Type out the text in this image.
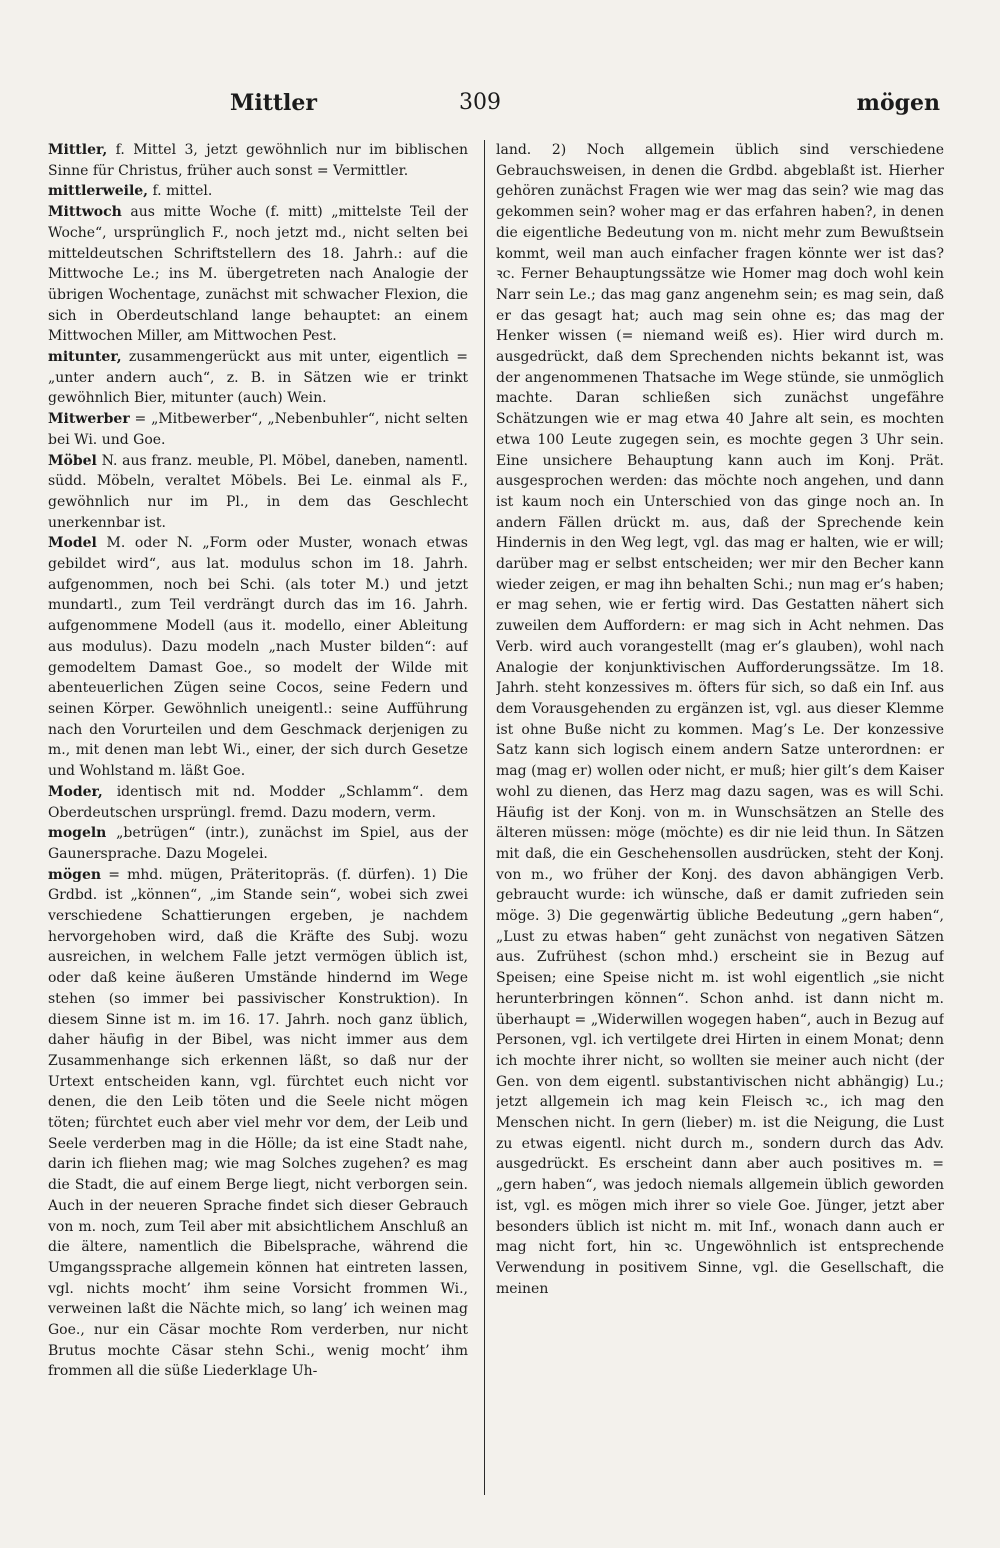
Mittler	309	mögen

Mittler, f. Mittel 3, jetzt gewöhnlich nur im biblischen Sinne für Christus, früher auch sonst = Vermittler.

mittlerweile, f. mittel.

Mittwoch aus mitte Woche (f. mitt) „mittelste Teil der Woche“, ursprünglich F., noch jetzt md., nicht selten bei mitteldeutschen Schriftstellern des 18. Jahrh.: auf die Mittwoche Le.; ins M. übergetreten nach Analogie der übrigen Wochentage, zunächst mit schwacher Flexion, die sich in Oberdeutschland lange behauptet: an einem Mittwochen Miller, am Mittwochen Pest.

mitunter, zusammengerückt aus mit unter, eigentlich = „unter andern auch“, z. B. in Sätzen wie er trinkt gewöhnlich Bier, mitunter (auch) Wein.

Mitwerber = „Mitbewerber“, „Nebenbuhler“, nicht selten bei Wi. und Goe.

Möbel N. aus franz. meuble, Pl. Möbel, daneben, namentl. südd. Möbeln, veraltet Möbels. Bei Le. einmal als F., gewöhnlich nur im Pl., in dem das Geschlecht unerkennbar ist.

Model M. oder N. „Form oder Muster, wonach etwas gebildet wird“, aus lat. modulus schon im 18. Jahrh. aufgenommen, noch bei Schi. (als toter M.) und jetzt mundartl., zum Teil verdrängt durch das im 16. Jahrh. aufgenommene Modell (aus it. modello, einer Ableitung aus modulus). Dazu modeln „nach Muster bilden“: auf gemodeltem Damast Goe., so modelt der Wilde mit abenteuerlichen Zügen seine Cocos, seine Federn und seinen Körper. Gewöhnlich uneigentl.: seine Aufführung nach den Vorurteilen und dem Geschmack derjenigen zu m., mit denen man lebt Wi., einer, der sich durch Gesetze und Wohlstand m. läßt Goe.

Moder, identisch mit nd. Modder „Schlamm“. dem Oberdeutschen ursprüngl. fremd. Dazu modern, verm.

mogeln „betrügen“ (intr.), zunächst im Spiel, aus der Gaunersprache. Dazu Mogelei.

mögen = mhd. mügen, Präteritopräs. (f. dürfen). 1) Die Grdbd. ist „können“, „im Stande sein“, wobei sich zwei verschiedene Schattierungen ergeben, je nachdem hervorgehoben wird, daß die Kräfte des Subj. wozu ausreichen, in welchem Falle jetzt vermögen üblich ist, oder daß keine äußeren Umstände hindernd im Wege stehen (so immer bei passivischer Konstruktion). In diesem Sinne ist m. im 16. 17. Jahrh. noch ganz üblich, daher häufig in der Bibel, was nicht immer aus dem Zusammenhange sich erkennen läßt, so daß nur der Urtext entscheiden kann, vgl. fürchtet euch nicht vor denen, die den Leib töten und die Seele nicht mögen töten; fürchtet euch aber viel mehr vor dem, der Leib und Seele verderben mag in die Hölle; da ist eine Stadt nahe, darin ich fliehen mag; wie mag Solches zugehen? es mag die Stadt, die auf einem Berge liegt, nicht verborgen sein. Auch in der neueren Sprache findet sich dieser Gebrauch von m. noch, zum Teil aber mit absichtlichem Anschluß an die ältere, namentlich die Bibelsprache, während die Umgangssprache allgemein können hat eintreten lassen, vgl. nichts mocht’ ihm seine Vorsicht frommen Wi., verweinen laßt die Nächte mich, so lang’ ich weinen mag Goe., nur ein Cäsar mochte Rom verderben, nur nicht Brutus mochte Cäsar stehn Schi., wenig mocht’ ihm frommen all die süße Liederklage Uh-

land. 2) Noch allgemein üblich sind verschiedene Gebrauchsweisen, in denen die Grdbd. abgeblaßt ist. Hierher gehören zunächst Fragen wie wer mag das sein? wie mag das gekommen sein? woher mag er das erfahren haben?, in denen die eigentliche Bedeutung von m. nicht mehr zum Bewußtsein kommt, weil man auch einfacher fragen könnte wer ist das? ꝛc. Ferner Behauptungssätze wie Homer mag doch wohl kein Narr sein Le.; das mag ganz angenehm sein; es mag sein, daß er das gesagt hat; auch mag sein ohne es; das mag der Henker wissen (= niemand weiß es). Hier wird durch m. ausgedrückt, daß dem Sprechenden nichts bekannt ist, was der angenommenen Thatsache im Wege stünde, sie unmöglich machte. Daran schließen sich zunächst ungefähre Schätzungen wie er mag etwa 40 Jahre alt sein, es mochten etwa 100 Leute zugegen sein, es mochte gegen 3 Uhr sein. Eine unsichere Behauptung kann auch im Konj. Prät. ausgesprochen werden: das möchte noch angehen, und dann ist kaum noch ein Unterschied von das ginge noch an. In andern Fällen drückt m. aus, daß der Sprechende kein Hindernis in den Weg legt, vgl. das mag er halten, wie er will; darüber mag er selbst entscheiden; wer mir den Becher kann wieder zeigen, er mag ihn behalten Schi.; nun mag er’s haben; er mag sehen, wie er fertig wird. Das Gestatten nähert sich zuweilen dem Auffordern: er mag sich in Acht nehmen. Das Verb. wird auch vorangestellt (mag er’s glauben), wohl nach Analogie der konjunktivischen Aufforderungssätze. Im 18. Jahrh. steht konzessives m. öfters für sich, so daß ein Inf. aus dem Vorausgehenden zu ergänzen ist, vgl. aus dieser Klemme ist ohne Buße nicht zu kommen. Mag’s Le. Der konzessive Satz kann sich logisch einem andern Satze unterordnen: er mag (mag er) wollen oder nicht, er muß; hier gilt’s dem Kaiser wohl zu dienen, das Herz mag dazu sagen, was es will Schi. Häufig ist der Konj. von m. in Wunschsätzen an Stelle des älteren müssen: möge (möchte) es dir nie leid thun. In Sätzen mit daß, die ein Geschehensollen ausdrücken, steht der Konj. von m., wo früher der Konj. des davon abhängigen Verb. gebraucht wurde: ich wünsche, daß er damit zufrieden sein möge. 3) Die gegenwärtig übliche Bedeutung „gern haben“, „Lust zu etwas haben“ geht zunächst von negativen Sätzen aus. Zufrühest (schon mhd.) erscheint sie in Bezug auf Speisen; eine Speise nicht m. ist wohl eigentlich „sie nicht herunterbringen können“. Schon anhd. ist dann nicht m. überhaupt = „Widerwillen wogegen haben“, auch in Bezug auf Personen, vgl. ich vertilgete drei Hirten in einem Monat; denn ich mochte ihrer nicht, so wollten sie meiner auch nicht (der Gen. von dem eigentl. substantivischen nicht abhängig) Lu.; jetzt allgemein ich mag kein Fleisch ꝛc., ich mag den Menschen nicht. In gern (lieber) m. ist die Neigung, die Lust zu etwas eigentl. nicht durch m., sondern durch das Adv. ausgedrückt. Es erscheint dann aber auch positives m. = „gern haben“, was jedoch niemals allgemein üblich geworden ist, vgl. es mögen mich ihrer so viele Goe. Jünger, jetzt aber besonders üblich ist nicht m. mit Inf., wonach dann auch er mag nicht fort, hin ꝛc. Ungewöhnlich ist entsprechende Verwendung in positivem Sinne, vgl. die Gesellschaft, die meinen
